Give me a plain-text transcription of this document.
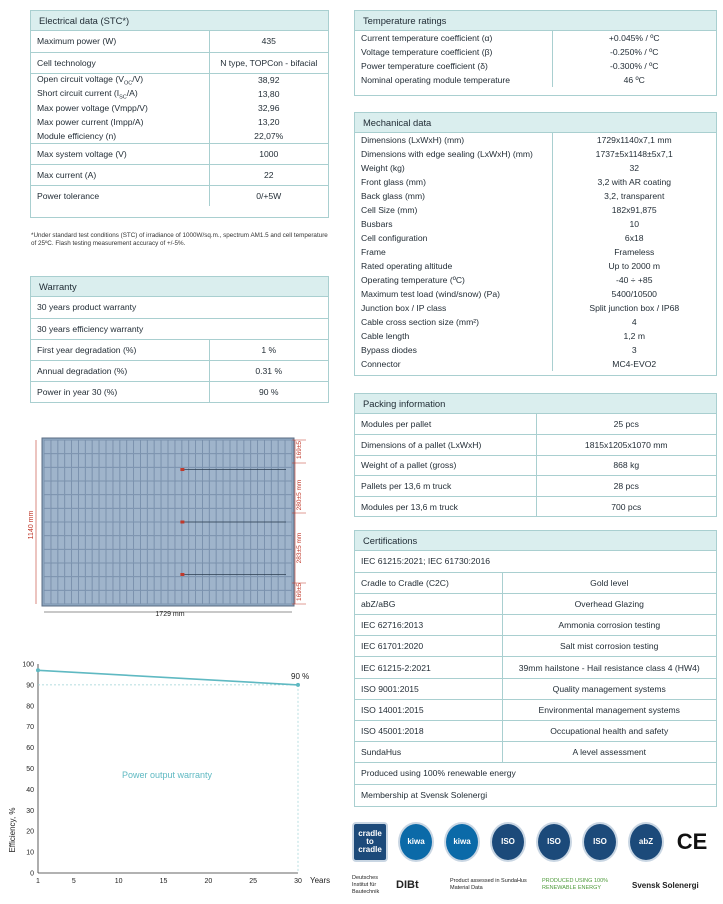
Electrical data (STC*)
Maximum power (W)	435
Cell technology	N type, TOPCon - bifacial
Open circuit voltage $(V_{OC}/V)$	38,92
Short circuit current $(I_{SC}/A)$	13,80
Max power voltage (Vmpp/V)	32,96
Max power current (Impp/A)	13,20
Module efficiency (n)	22,07%
Max system voltage (V)	1000
Max current (A)	22
Power tolerance	0/+5W
*Under standard test conditions (STC) of irradiance of 1000W/sq.m., spectrum AM1.5 and cell temperature of 25ºC. Flash testing measurement accuracy of +/-5%.
Warranty
30 years product warranty	
30 years efficiency warranty	
First year degradation (%)	1 %
Annual degradation (%)	0.31 %
Power in year 30 (%)	90 %
1140 mm
1729 mm
169±5
280±5 mm
283±5 mm
169±5
0
10
20
30
40
50
60
70
80
90
100
1	5	10	15	20	25	30
Efficiency, %
Years
90 %
Power output warranty
Temperature ratings
Current temperature coefficient (α)	+0.045% / ºC
Voltage temperature coefficient (β)	-0.250% / ºC
Power temperature coefficient (δ)	-0.300% / ºC
Nominal operating module temperature	46 ºC
Mechanical data
Dimensions (LxWxH) (mm)	1729x1140x7,1 mm
Dimensions with edge sealing (LxWxH) (mm)	1737±5x1148±5x7,1
Weight (kg)	32
Front glass (mm)	3,2 with AR coating
Back glass (mm)	3,2, transparent
Cell Size (mm)	182x91,875
Busbars	10
Cell configuration	6x18
Frame	Frameless
Rated operating altitude	Up to 2000 m
Operating temperature (ºC)	-40 ÷ +85
Maximum test load (wind/snow) (Pa)	5400/10500
Junction box / IP class	Split junction box / IP68
Cable cross section size (mm²)	4
Cable length	1,2 m
Bypass diodes	3
Connector	MC4-EVO2
Packing information
Modules per pallet	25 pcs
Dimensions of a pallet (LxWxH)	1815x1205x1070 mm
Weight of a pallet (gross)	868 kg
Pallets per 13,6 m truck	28 pcs
Modules per 13,6 m truck	700 pcs
Certifications
IEC 61215:2021; IEC 61730:2016	
Cradle to Cradle (C2C)	Gold level
abZ/aBG	Overhead Glazing
IEC 62716:2013	Ammonia corrosion testing
IEC 61701:2020	Salt mist corrosion testing
IEC 61215-2:2021	39mm hailstone - Hail resistance class 4 (HW4)
ISO 9001:2015	Quality management systems
ISO 14001:2015	Environmental management systems
ISO 45001:2018	Occupational health and safety
SundaHus	A level assessment
Produced using 100% renewable energy	
Membership at Svensk Solenergi	
cradle to cradle
kiwa	kiwa	ISO	ISO	ISO	abZ	CE
Deutsches Institut für Bautechnik
DIBt	Product assessed in SundaHus Material Data
PRODUCED USING 100% RENEWABLE ENERGY	Svensk Solenergi
